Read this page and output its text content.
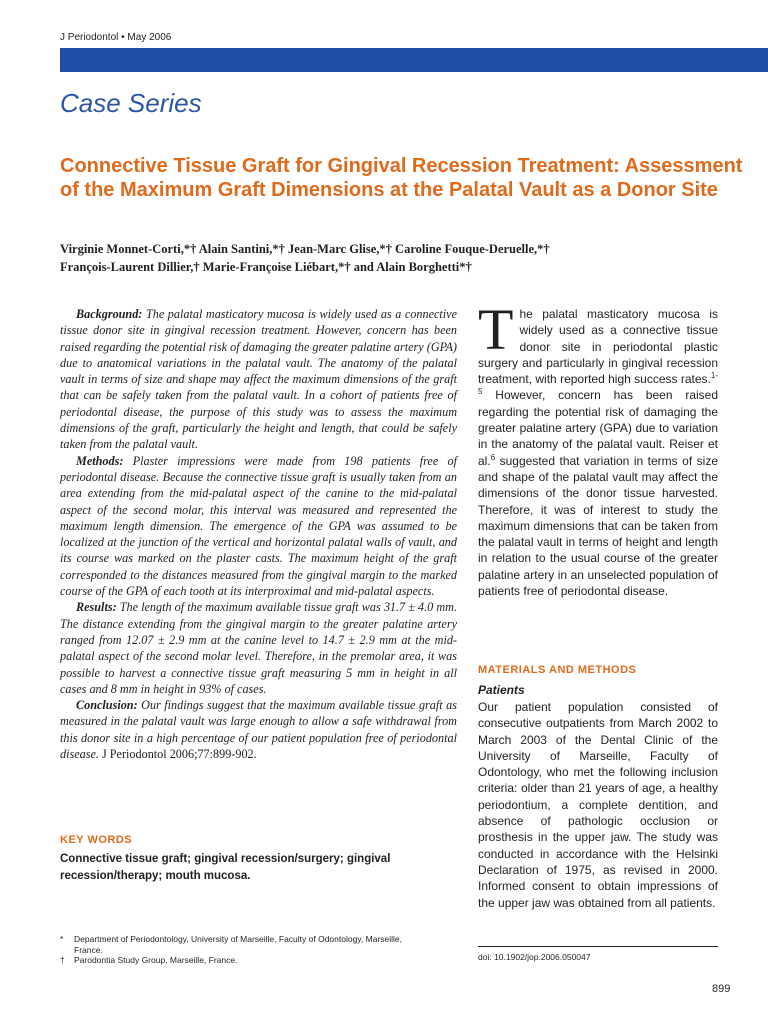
J Periodontol • May 2006
Case Series
Connective Tissue Graft for Gingival Recession Treatment: Assessment of the Maximum Graft Dimensions at the Palatal Vault as a Donor Site
Virginie Monnet-Corti,*† Alain Santini,*† Jean-Marc Glise,*† Caroline Fouque-Deruelle,*†
François-Laurent Dillier,† Marie-Françoise Liébart,*† and Alain Borghetti*†

Background: The palatal masticatory mucosa is widely used as a connective tissue donor site in gingival recession treatment. However, concern has been raised regarding the potential risk of damaging the greater palatine artery (GPA) due to anatomical variations in the palatal vault. The anatomy of the palatal vault in terms of size and shape may affect the maximum dimensions of the graft that can be safely taken from the palatal vault. In a cohort of patients free of periodontal disease, the purpose of this study was to assess the maximum dimensions of the graft, particularly the height and length, that could be safely taken from the palatal vault.

Methods: Plaster impressions were made from 198 patients free of periodontal disease. Because the connective tissue graft is usually taken from an area extending from the mid-palatal aspect of the canine to the mid-palatal aspect of the second molar, this interval was measured and represented the maximum length dimension. The emergence of the GPA was assumed to be localized at the junction of the vertical and horizontal palatal walls of vault, and its course was marked on the plaster casts. The maximum height of the graft corresponded to the distances measured from the gingival margin to the marked course of the GPA of each tooth at its interproximal and mid-palatal aspects.

Results: The length of the maximum available tissue graft was 31.7 ± 4.0 mm. The distance extending from the gingival margin to the greater palatine artery ranged from 12.07 ± 2.9 mm at the canine level to 14.7 ± 2.9 mm at the mid-palatal aspect of the second molar level. Therefore, in the premolar area, it was possible to harvest a connective tissue graft measuring 5 mm in height in all cases and 8 mm in height in 93% of cases.

Conclusion: Our findings suggest that the maximum available tissue graft as measured in the palatal vault was large enough to allow a safe withdrawal from this donor site in a high percentage of our patient population free of periodontal disease. J Periodontol 2006;77:899-902.

KEY WORDS
Connective tissue graft; gingival recession/surgery; gingival recession/therapy; mouth mucosa.
The palatal masticatory mucosa is widely used as a connective tissue donor site in periodontal plastic surgery and particularly in gingival recession treatment, with reported high success rates.$^{1-5}$ However, concern has been raised regarding the potential risk of damaging the greater palatine artery (GPA) due to variation in the anatomy of the palatal vault. Reiser et al.$^6$ suggested that variation in terms of size and shape of the palatal vault may affect the dimensions of the donor tissue harvested. Therefore, it was of interest to study the maximum dimensions that can be taken from the palatal vault in terms of height and length in relation to the usual course of the greater palatine artery in an unselected population of patients free of periodontal disease.
MATERIALS AND METHODS
Patients
Our patient population consisted of consecutive outpatients from March 2002 to March 2003 of the Dental Clinic of the University of Marseille, Faculty of Odontology, who met the following inclusion criteria: older than 21 years of age, a healthy periodontium, a complete dentition, and absence of pathologic occlusion or prosthesis in the upper jaw. The study was conducted in accordance with the Helsinki Declaration of 1975, as revised in 2000. Informed consent to obtain impressions of the upper jaw was obtained from all patients.
* Department of Periodontology, University of Marseille, Faculty of Odontology, Marseille, France.
† Parodontia Study Group, Marseille, France.	doi: 10.1902/jop.2006.050047
899
